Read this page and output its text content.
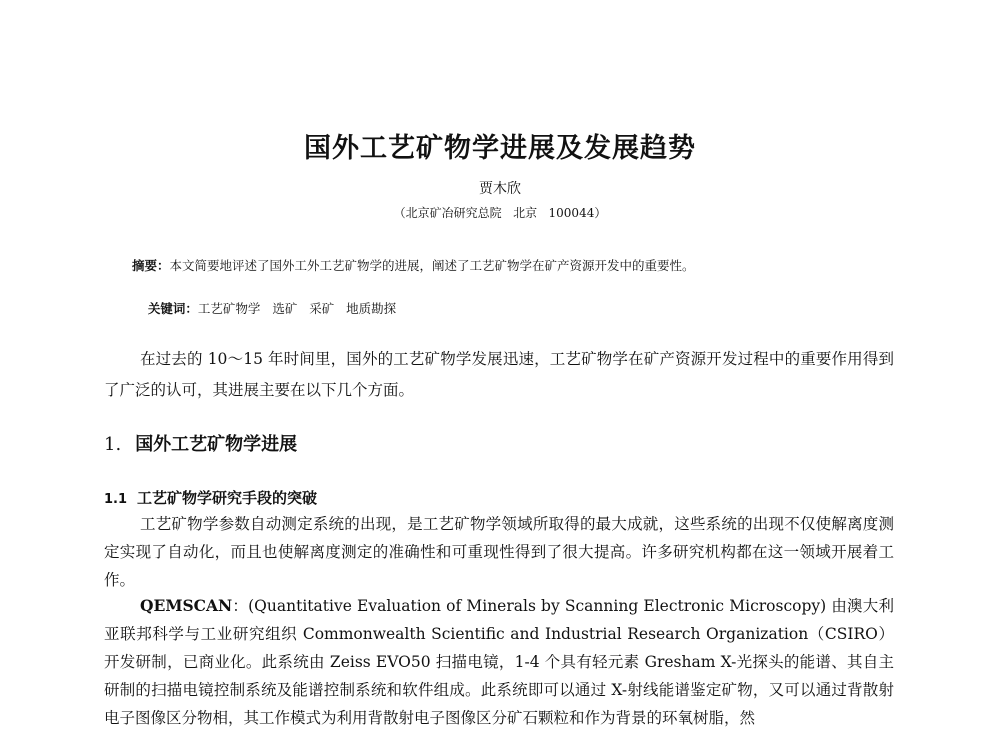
国外工艺矿物学进展及发展趋势
贾木欣
（北京矿冶研究总院   北京   100044）
摘要：本文简要地评述了国外工外工艺矿物学的进展，阐述了工艺矿物学在矿产资源开发中的重要性。

关键词：工艺矿物学   选矿   采矿   地质勘探

在过去的 10～15 年时间里，国外的工艺矿物学发展迅速，工艺矿物学在矿产资源开发过程中的重要作用得到了广泛的认可，其进展主要在以下几个方面。
1. 国外工艺矿物学进展
1.1 工艺矿物学研究手段的突破
工艺矿物学参数自动测定系统的出现，是工艺矿物学领域所取得的最大成就，这些系统的出现不仅使解离度测定实现了自动化，而且也使解离度测定的准确性和可重现性得到了很大提高。许多研究机构都在这一领域开展着工作。
QEMSCAN：(Quantitative Evaluation of Minerals by Scanning Electronic Microscopy) 由澳大利亚联邦科学与工业研究组织 Commonwealth Scientific and Industrial Research Organization（CSIRO）开发研制，已商业化。此系统由 Zeiss EVO50 扫描电镜，1-4 个具有轻元素 Gresham X-光探头的能谱、其自主研制的扫描电镜控制系统及能谱控制系统和软件组成。此系统即可以通过 X-射线能谱鉴定矿物，又可以通过背散射电子图像区分物相，其工作模式为利用背散射电子图像区分矿石颗粒和作为背景的环氧树脂，然
